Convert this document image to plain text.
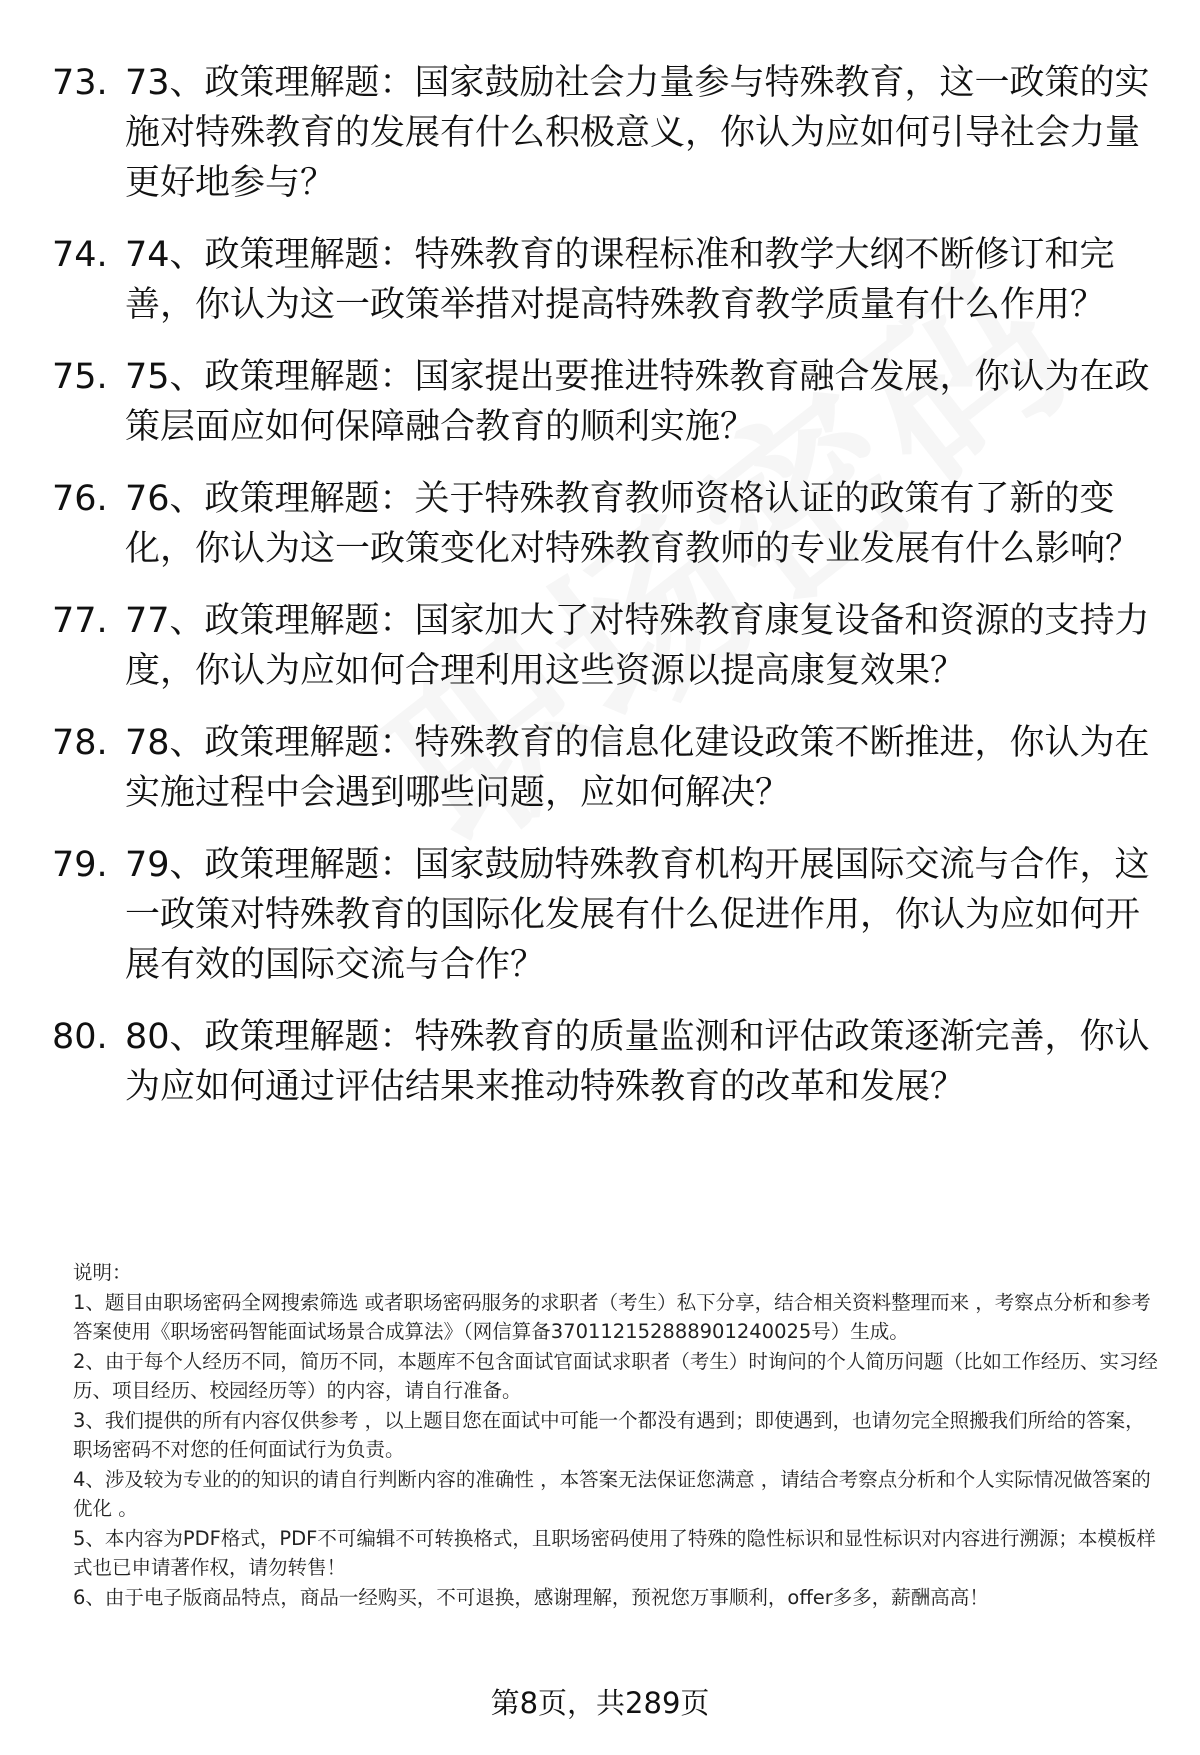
73. 73、政策理解题：国家鼓励社会力量参与特殊教育，这一政策的实施对特殊教育的发展有什么积极意义，你认为应如何引导社会力量更好地参与？
74. 74、政策理解题：特殊教育的课程标准和教学大纲不断修订和完善，你认为这一政策举措对提高特殊教育教学质量有什么作用？
75. 75、政策理解题：国家提出要推进特殊教育融合发展，你认为在政策层面应如何保障融合教育的顺利实施？
76. 76、政策理解题：关于特殊教育教师资格认证的政策有了新的变化，你认为这一政策变化对特殊教育教师的专业发展有什么影响？
77. 77、政策理解题：国家加大了对特殊教育康复设备和资源的支持力度，你认为应如何合理利用这些资源以提高康复效果？
78. 78、政策理解题：特殊教育的信息化建设政策不断推进，你认为在实施过程中会遇到哪些问题，应如何解决？
79. 79、政策理解题：国家鼓励特殊教育机构开展国际交流与合作，这一政策对特殊教育的国际化发展有什么促进作用，你认为应如何开展有效的国际交流与合作？
80. 80、政策理解题：特殊教育的质量监测和评估政策逐渐完善，你认为应如何通过评估结果来推动特殊教育的改革和发展？

说明：

1、题目由职场密码全网搜索筛选 或者职场密码服务的求职者（考生）私下分享，结合相关资料整理而来 ，考察点分析和参考答案使用《职场密码智能面试场景合成算法》（网信算备370112152888901240025号）生成。

2、由于每个人经历不同，简历不同，本题库不包含面试官面试求职者（考生）时询问的个人简历问题（比如工作经历、实习经历、项目经历、校园经历等）的内容，请自行准备。

3、我们提供的所有内容仅供参考 ，以上题目您在面试中可能一个都没有遇到；即使遇到，也请勿完全照搬我们所给的答案，职场密码不对您的任何面试行为负责。

4、涉及较为专业的的知识的请自行判断内容的准确性 ，本答案无法保证您满意 ，请结合考察点分析和个人实际情况做答案的优化 。

5、本内容为PDF格式，PDF不可编辑不可转换格式，且职场密码使用了特殊的隐性标识和显性标识对内容进行溯源；本模板样式也已申请著作权，请勿转售！

6、由于电子版商品特点，商品一经购买，不可退换，感谢理解，预祝您万事顺利，offer多多，薪酬高高！

第8页，共289页
